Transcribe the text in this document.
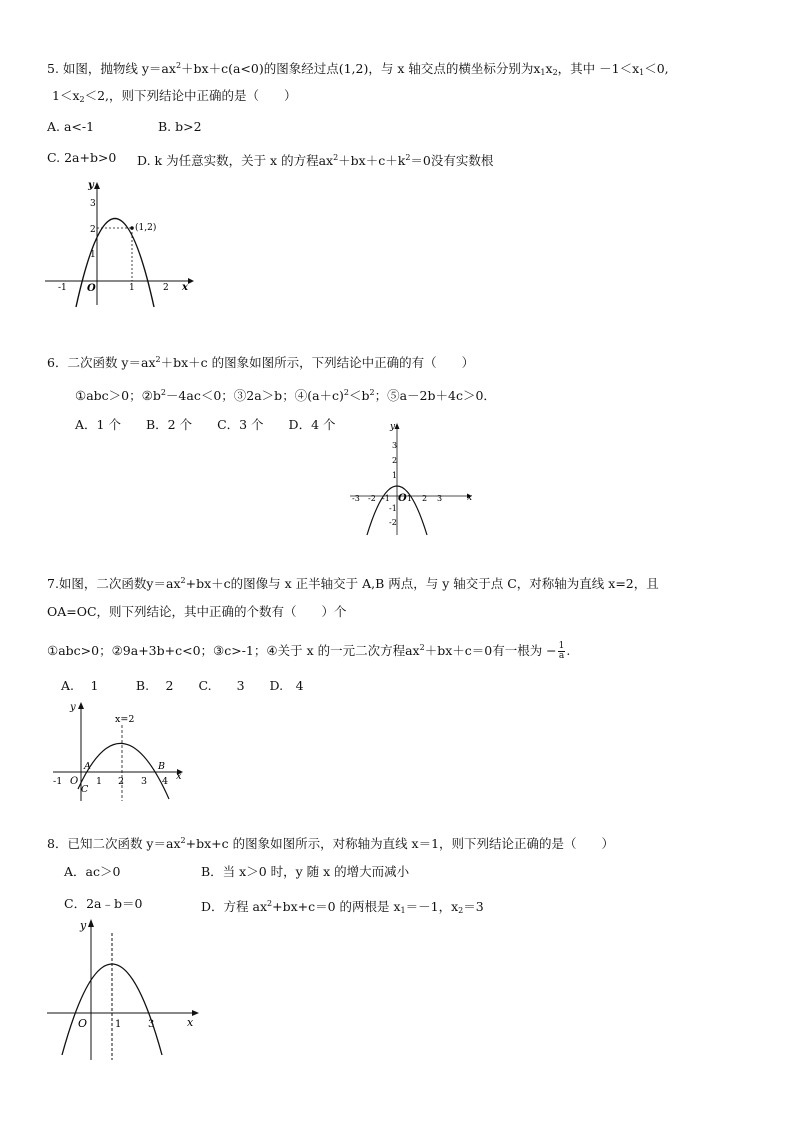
5. 如图，抛物线 $y=ax^2+bx+c(a<0)$的图象经过点(1,2)，与 x 轴交点的横坐标分别为$x_1x_2$，其中 $-1<x_1<0$,
$1<x_2<2$,，则下列结论中正确的是（　　）
A. a<-1	B. b>2
C. 2a+b>0 D. k 为任意实数，关于 x 的方程$ax^2+bx+c+k^2=0$没有实数根
y
x
O
-1	1	2
1
2
3
(1,2)
6．二次函数 $y=ax^2+bx+c$ 的图象如图所示，下列结论中正确的有（　　）
①abc＞0；$②b^2-4ac<0$；③2a＞b；$④(a+c)^2<b^2$；⑤a－2b＋4c＞0．
A．1 个　　B．2 个　　C．3 个　　D．4 个	y
x
O
-3 -2 -1 1 2 3
3
2
1
-1
-2
7.如图，二次函数$y=ax^2+bx+c$的图像与 x 正半轴交于 A,B 两点，与 y 轴交于点 C，对称轴为直线 x=2，且
OA=OC，则下列结论，其中正确的个数有（　　）个
①abc>0；②9a+3b+c<0；③c>-1；④关于 x 的一元二次方程$ax^2+bx+c=0$有一根为 − $\frac{1}{a}$ .
A.　 1　　　B.　 2　　C.　　3　　D.　4
y
x
x=2
O
-1	1 2 3 4
A	B
C
8．已知二次函数 $y=ax^2+bx+c$ 的图象如图所示，对称轴为直线 x＝1，则下列结论正确的是（　　）
A．ac＞0	B．当 x＞0 时，y 随 x 的增大而减小
C．2a﹣b＝0	D．方程 $ax^2+bx+c=0$ 的两根是 $x_1=-1$，$x_2=3$
y
x
O	1	3
